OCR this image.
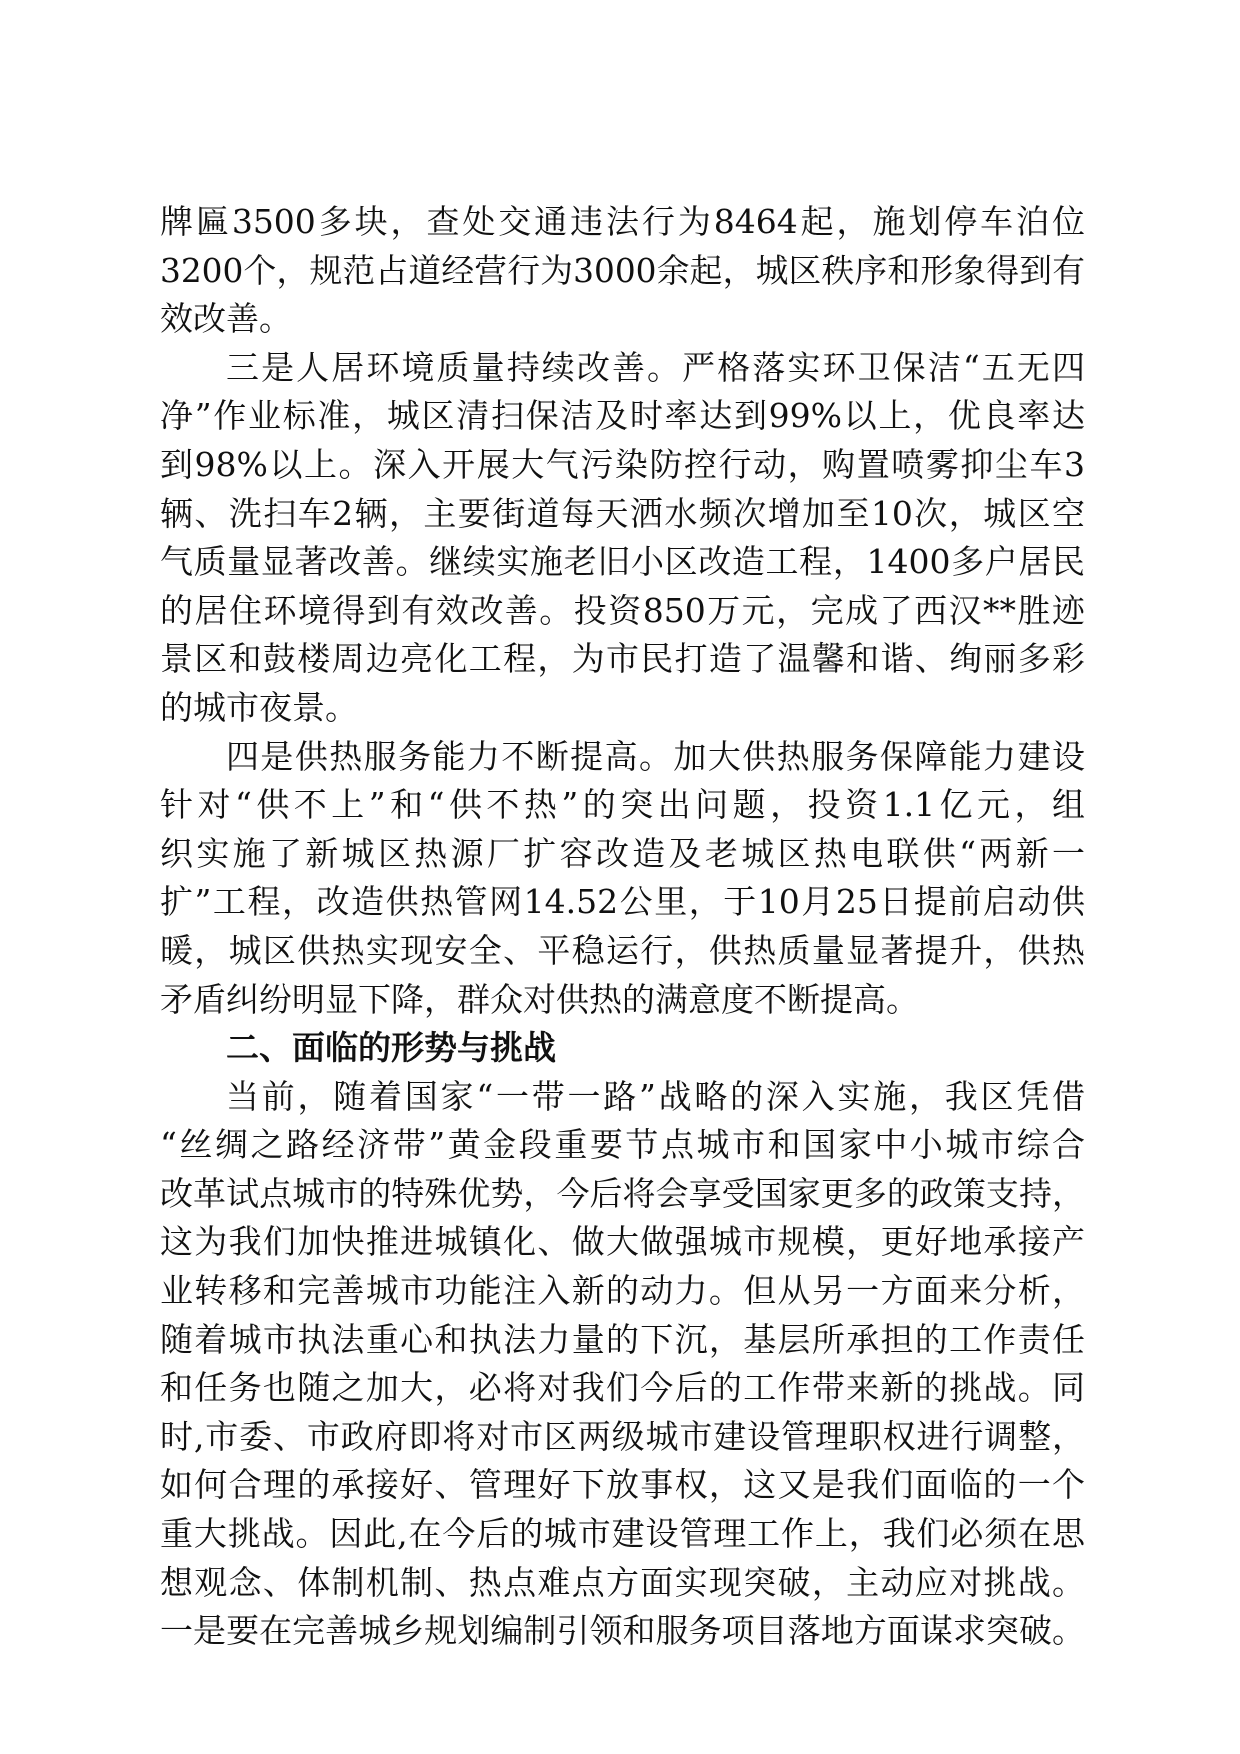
牌匾3500多块，查处交通违法行为8464起，施划停车泊位
3200个，规范占道经营行为3000余起，城区秩序和形象得到有
效改善。
三是人居环境质量持续改善。严格落实环卫保洁“五无四
净”作业标准，城区清扫保洁及时率达到99%以上，优良率达
到98%以上。深入开展大气污染防控行动，购置喷雾抑尘车3
辆、洗扫车2辆，主要街道每天洒水频次增加至10次，城区空
气质量显著改善。继续实施老旧小区改造工程，1400多户居民
的居住环境得到有效改善。投资850万元，完成了西汉**胜迹
景区和鼓楼周边亮化工程，为市民打造了温馨和谐、绚丽多彩
的城市夜景。
四是供热服务能力不断提高。加大供热服务保障能力建设
针对“供不上”和“供不热”的突出问题，投资1.1亿元，组
织实施了新城区热源厂扩容改造及老城区热电联供“两新一
扩”工程，改造供热管网14.52公里，于10月25日提前启动供
暖，城区供热实现安全、平稳运行，供热质量显著提升，供热
矛盾纠纷明显下降，群众对供热的满意度不断提高。
二、面临的形势与挑战
当前，随着国家“一带一路”战略的深入实施，我区凭借
“丝绸之路经济带”黄金段重要节点城市和国家中小城市综合
改革试点城市的特殊优势，今后将会享受国家更多的政策支持，
这为我们加快推进城镇化、做大做强城市规模，更好地承接产
业转移和完善城市功能注入新的动力。但从另一方面来分析，
随着城市执法重心和执法力量的下沉，基层所承担的工作责任
和任务也随之加大，必将对我们今后的工作带来新的挑战。同
时,市委、市政府即将对市区两级城市建设管理职权进行调整，
如何合理的承接好、管理好下放事权，这又是我们面临的一个
重大挑战。因此,在今后的城市建设管理工作上，我们必须在思
想观念、体制机制、热点难点方面实现突破，主动应对挑战。
一是要在完善城乡规划编制引领和服务项目落地方面谋求突破。
